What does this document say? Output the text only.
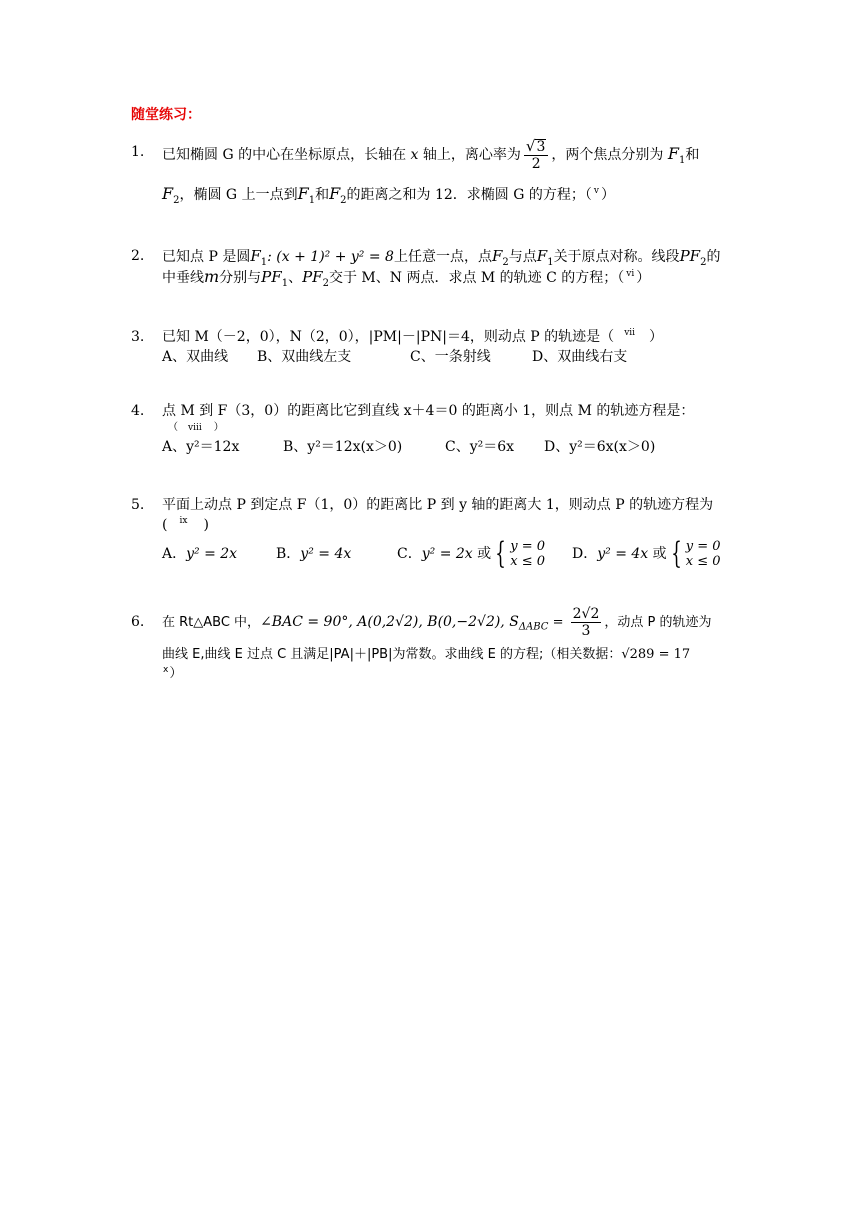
随堂练习：
1.	已知椭圆 G 的中心在坐标原点，长轴在 x 轴上，离心率为 $\frac{√3}{2}$ ，两个焦点分别为 $F_1$和
$F_2$，椭圆 G 上一点到$F_1$和$F_2$的距离之和为 12．求椭圆 G 的方程；（ $^v$ ）
2.	已知点 P 是圆$F_1$: (x + 1)² + y² = 8上任意一点，点$F_2$与点$F_1$关于原点对称。线段$PF_2$的
中垂线m分别与$PF_1$、$PF_2$交于 M、N 两点．求点 M 的轨迹 C 的方程；（ $^{vi}$ ）
3.	已知 M（－2，0），N（2，0），|PM|－|PN|＝4，则动点 P 的轨迹是（ $^{vii}$ ）
A、双曲线	B、双曲线左支	C、一条射线	D、双曲线右支
4.	点 M 到 F（3，0）的距离比它到直线 x＋4＝0 的距离小 1，则点 M 的轨迹方程是：
（ viii ）
A、y²＝12x	B、y²＝12x(x＞0)	C、y²＝6x	D、y²＝6x(x＞0)
5.	平面上动点 P 到定点 F（1，0）的距离比 P 到 y 轴的距离大 1，则动点 P 的轨迹方程为
( $^{ix}$ )
A．y² = 2x	B．y² = 4x	C．y² = 2x 或 { y = 0
x ≤ 0 D．y² = 4x 或 { y = 0
x ≤ 0
6.	在 Rt△ABC 中，∠BAC = 90°, A(0,2√2), B(0,−2√2), $S_{\Delta ABC} = \frac{2√2}{3}$ ，动点 P 的轨迹为
曲线 E,曲线 E 过点 C 且满足|PA|＋|PB|为常数。求曲线 E 的方程;（相关数据：√289 = 17
$^x$）
